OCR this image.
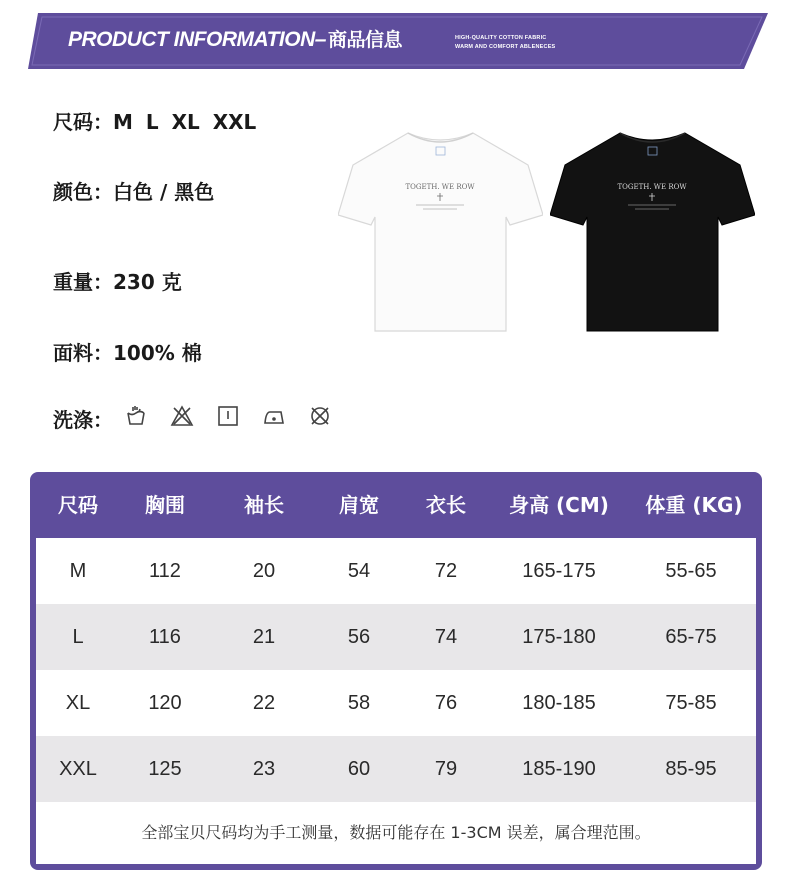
PRODUCT INFORMATION– 商品信息	HIGH-QUALITY COTTON FABRIC
WARM AND COMFORT ABLENECES
尺码：M L XL XXL
颜色：白色 / 黑色
重量：230 克
面料：100% 棉
洗涤：
TOGETH. WE ROW	TOGETH. WE ROW
尺码	胸围	袖长	肩宽	衣长	身高 (CM)	体重 (KG)
M	112	20	54	72	165-175	55-65
L	116	21	56	74	175-180	65-75
XL	120	22	58	76	180-185	75-85
XXL	125	23	60	79	185-190	85-95
全部宝贝尺码均为手工测量，数据可能存在 1-3CM 误差，属合理范围。
